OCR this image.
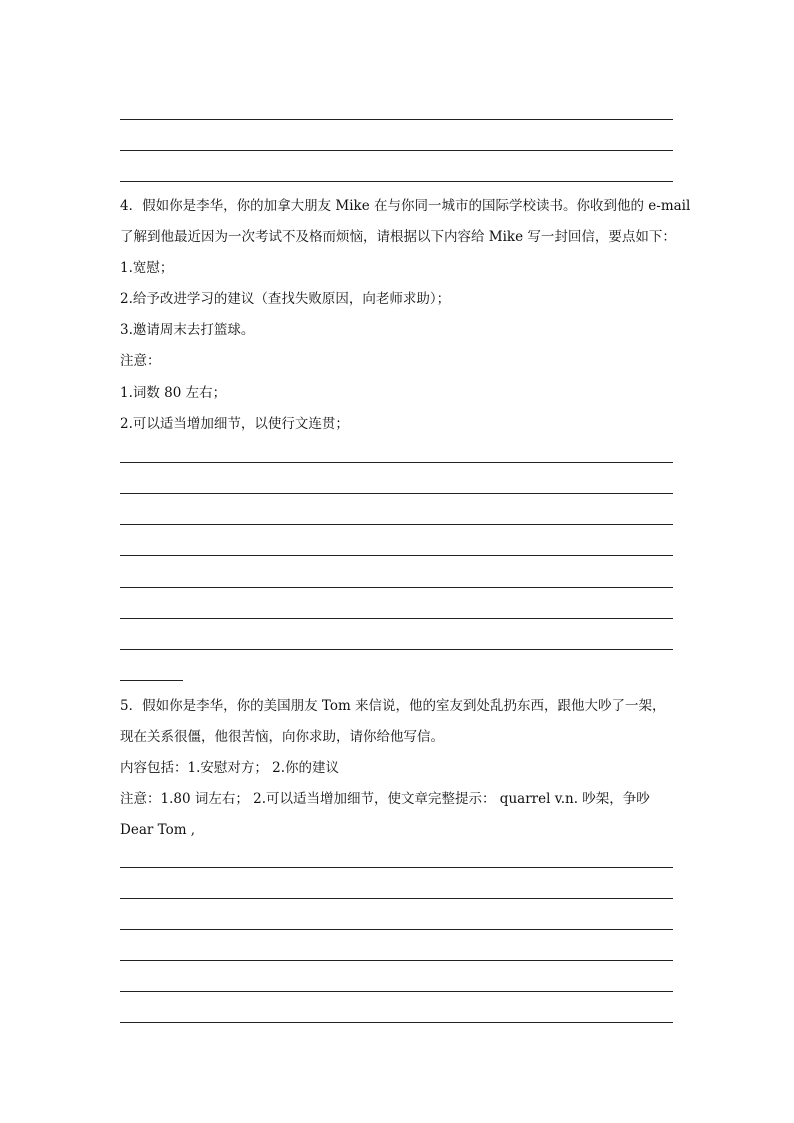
4．假如你是李华，你的加拿大朋友 Mike 在与你同一城市的国际学校读书。你收到他的 e-mail
了解到他最近因为一次考试不及格而烦恼，请根据以下内容给 Mike 写一封回信，要点如下：
1.宽慰；
2.给予改进学习的建议（查找失败原因，向老师求助）；
3.邀请周末去打篮球。
注意：
1.词数 80 左右；
2.可以适当增加细节，以使行文连贯；
5．假如你是李华，你的美国朋友 Tom 来信说，他的室友到处乱扔东西，跟他大吵了一架，
现在关系很僵，他很苦恼，向你求助，请你给他写信。
内容包括：1.安慰对方； 2.你的建议
注意：1.80 词左右； 2.可以适当增加细节，使文章完整提示： quarrel v.n. 吵架，争吵
Dear Tom ,
